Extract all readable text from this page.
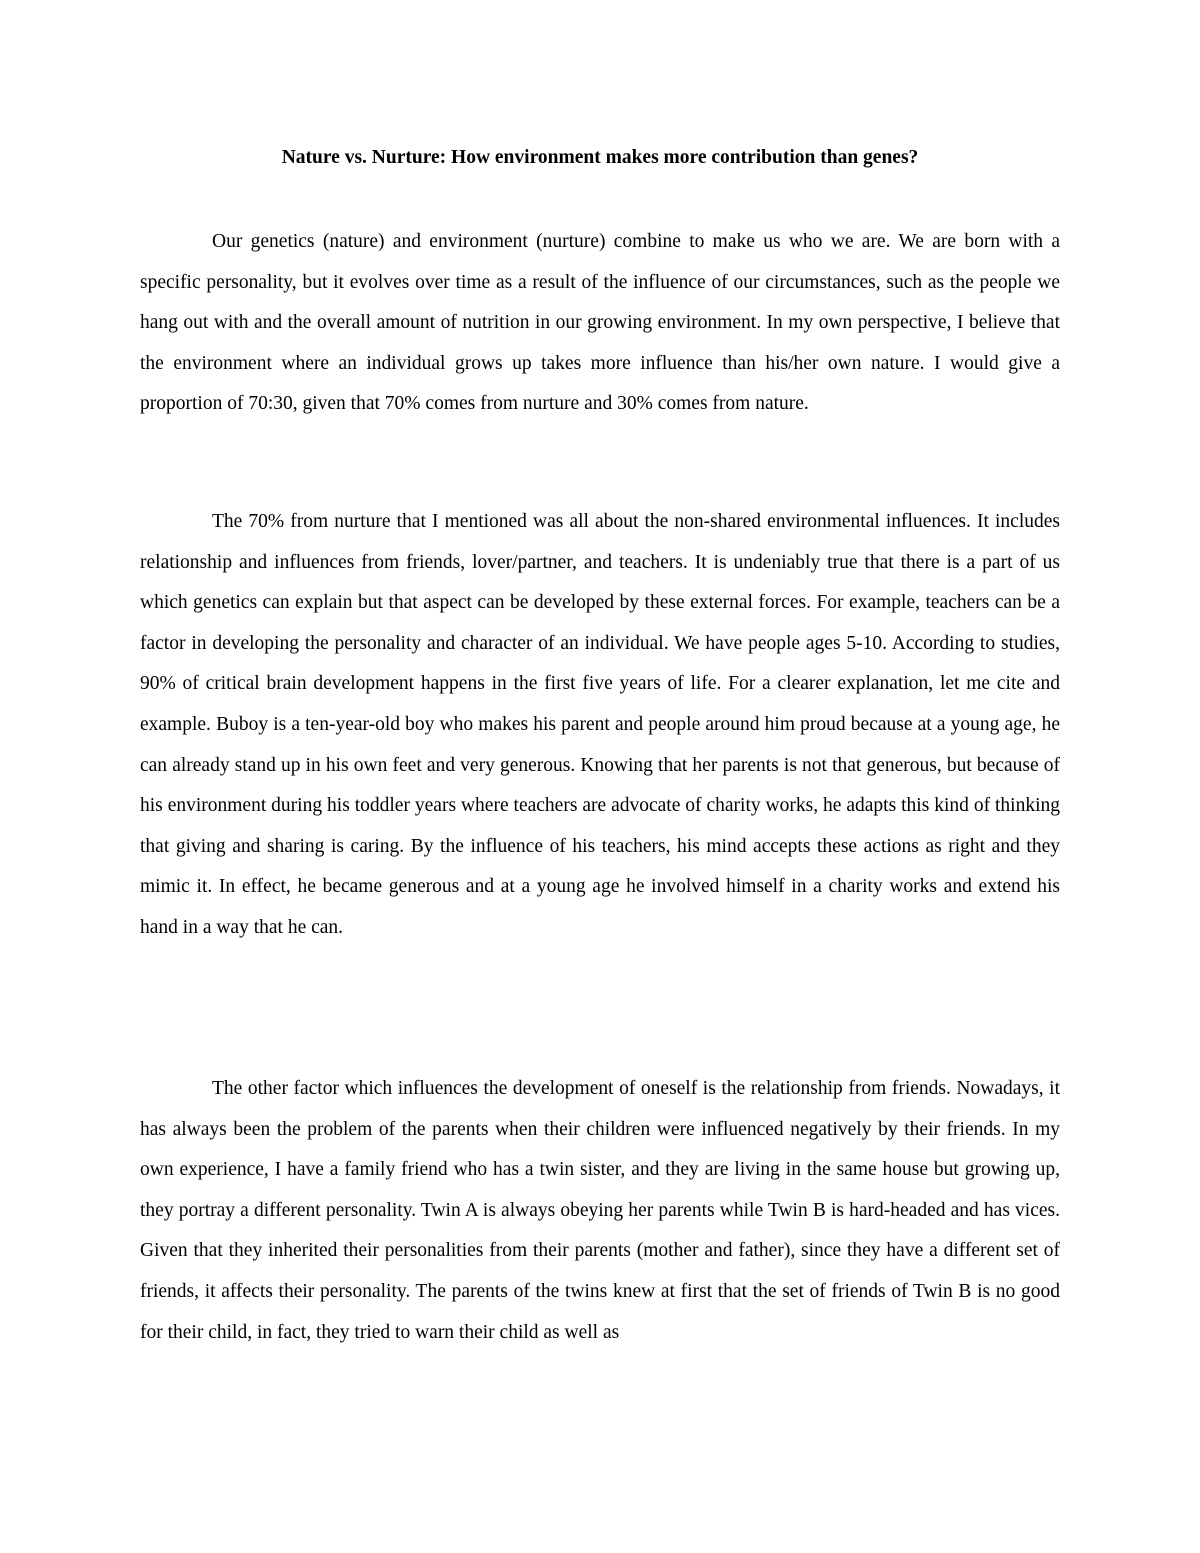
Nature vs. Nurture: How environment makes more contribution than genes?

Our genetics (nature) and environment (nurture) combine to make us who we are. We are born with a specific personality, but it evolves over time as a result of the influence of our circumstances, such as the people we hang out with and the overall amount of nutrition in our growing environment. In my own perspective, I believe that the environment where an individual grows up takes more influence than his/her own nature. I would give a proportion of 70:30, given that 70% comes from nurture and 30% comes from nature.

The 70% from nurture that I mentioned was all about the non-shared environmental influences. It includes relationship and influences from friends, lover/partner, and teachers. It is undeniably true that there is a part of us which genetics can explain but that aspect can be developed by these external forces. For example, teachers can be a factor in developing the personality and character of an individual. We have people ages 5-10. According to studies, 90% of critical brain development happens in the first five years of life. For a clearer explanation, let me cite and example. Buboy is a ten-year-old boy who makes his parent and people around him proud because at a young age, he can already stand up in his own feet and very generous. Knowing that her parents is not that generous, but because of his environment during his toddler years where teachers are advocate of charity works, he adapts this kind of thinking that giving and sharing is caring. By the influence of his teachers, his mind accepts these actions as right and they mimic it. In effect, he became generous and at a young age he involved himself in a charity works and extend his hand in a way that he can.

The other factor which influences the development of oneself is the relationship from friends. Nowadays, it has always been the problem of the parents when their children were influenced negatively by their friends. In my own experience, I have a family friend who has a twin sister, and they are living in the same house but growing up, they portray a different personality. Twin A is always obeying her parents while Twin B is hard-headed and has vices. Given that they inherited their personalities from their parents (mother and father), since they have a different set of friends, it affects their personality. The parents of the twins knew at first that the set of friends of Twin B is no good for their child, in fact, they tried to warn their child as well as
